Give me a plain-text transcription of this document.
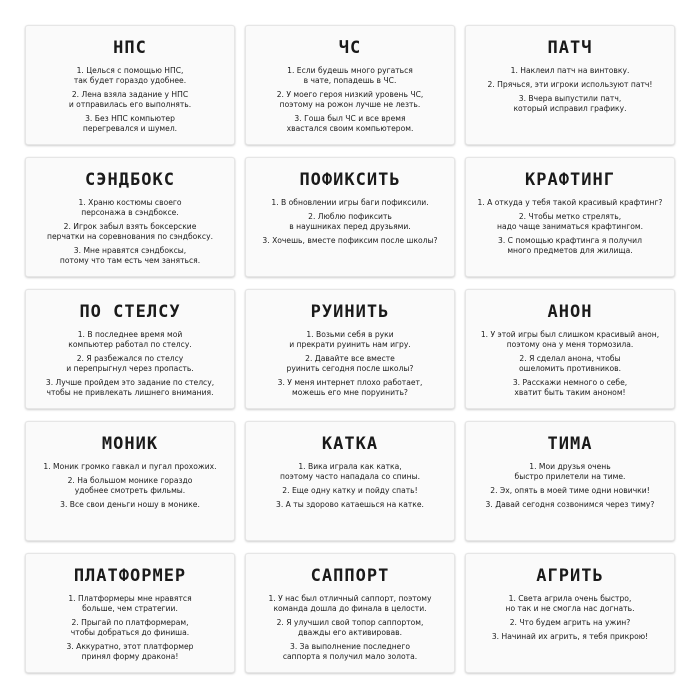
НПС

1. Целься с помощью НПС,
так будет гораздо удобнее.

2. Лена взяла задание у НПС
и отправилась его выполнять.

3. Без НПС компьютер
перегревался и шумел.

ЧС

1. Если будешь много ругаться
в чате, попадешь в ЧС.

2. У моего героя низкий уровень ЧС,
поэтому на рожон лучше не лезть.

3. Гоша был ЧС и все время
хвастался своим компьютером.

ПАТЧ

1. Наклеил патч на винтовку.

2. Прячься, эти игроки используют патч!

3. Вчера выпустили патч,
который исправил графику.

СЭНДБОКС

1. Храню костюмы своего
персонажа в сэндбоксе.

2. Игрок забыл взять боксерские
перчатки на соревнования по сэндбоксу.

3. Мне нравятся сэндбоксы,
потому что там есть чем заняться.

ПОФИКСИТЬ

1. В обновлении игры баги пофиксили.

2. Люблю пофиксить
в наушниках перед друзьями.

3. Хочешь, вместе пофиксим после школы?

КРАФТИНГ

1. А откуда у тебя такой красивый крафтинг?

2. Чтобы метко стрелять,
надо чаще заниматься крафтингом.

3. С помощью крафтинга я получил
много предметов для жилища.

ПО СТЕЛСУ

1. В последнее время мой
компьютер работал по стелсу.

2. Я разбежался по стелсу
и перепрыгнул через пропасть.

3. Лучше пройдем это задание по стелсу,
чтобы не привлекать лишнего внимания.

РУИНИТЬ

1. Возьми себя в руки
и прекрати руинить нам игру.

2. Давайте все вместе
руинить сегодня после школы?

3. У меня интернет плохо работает,
можешь его мне поруинить?

АНОН

1. У этой игры был слишком красивый анон,
поэтому она у меня тормозила.

2. Я сделал анона, чтобы
ошеломить противников.

3. Расскажи немного о себе,
хватит быть таким аноном!

МОНИК

1. Моник громко гавкал и пугал прохожих.

2. На большом монике гораздо
удобнее смотреть фильмы.

3. Все свои деньги ношу в монике.

КАТКА

1. Вика играла как катка,
поэтому часто нападала со спины.

2. Еще одну катку и пойду спать!

3. А ты здорово катаешься на катке.

ТИМА

1. Мои друзья очень
быстро прилетели на тиме.

2. Эх, опять в моей тиме одни новички!

3. Давай сегодня созвонимся через тиму?

ПЛАТФОРМЕР

1. Платформеры мне нравятся
больше, чем стратегии.

2. Прыгай по платформерам,
чтобы добраться до финиша.

3. Аккуратно, этот платформер
принял форму дракона!

САППОРТ

1. У нас был отличный саппорт, поэтому
команда дошла до финала в целости.

2. Я улучшил свой топор саппортом,
дважды его активировав.

3. За выполнение последнего
саппорта я получил мало золота.

АГРИТЬ

1. Света агрила очень быстро,
но так и не смогла нас догнать.

2. Что будем агрить на ужин?

3. Начинай их агрить, я тебя прикрою!
